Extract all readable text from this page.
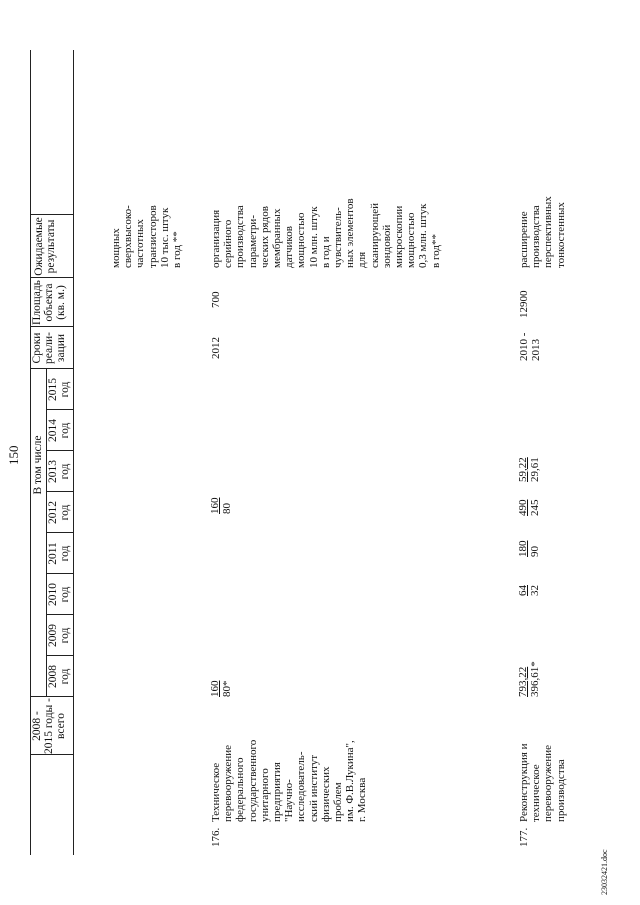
150
2008 - 2015 годы - всего
В том числе
2008 год
2009 год
2010 год
2011 год
2012 год
2013 год
2014 год
2015 год
Сроки реали- зации
Площадь объекта (кв. м.)
Ожидаемые результаты	мощных сверхвысоко- частотных транзисторов 10 тыс. штук в год **
176.
Техническое перевооружение федерального государственного унитарного предприятия "Научно- исследователь- ский институт физических проблем им. Ф.В.Лукина", г. Москва
160 80*
160 80
2012
700
организация серийного производства параметри- ческих рядов мембранных датчиков мощностью 10 млн. штук в год и чувствитель- ных элементов для сканирующей зондовой микроскопии мощностью 0,3 млн. штук в год**
177.
Реконструкция и техническое перевооружение производства
793,22 396,61*
64 32
180 90
490 245
59,22 29,61
2010 - 2013
12900
расширение производства перспективных тонкостенных
23032421.doc
